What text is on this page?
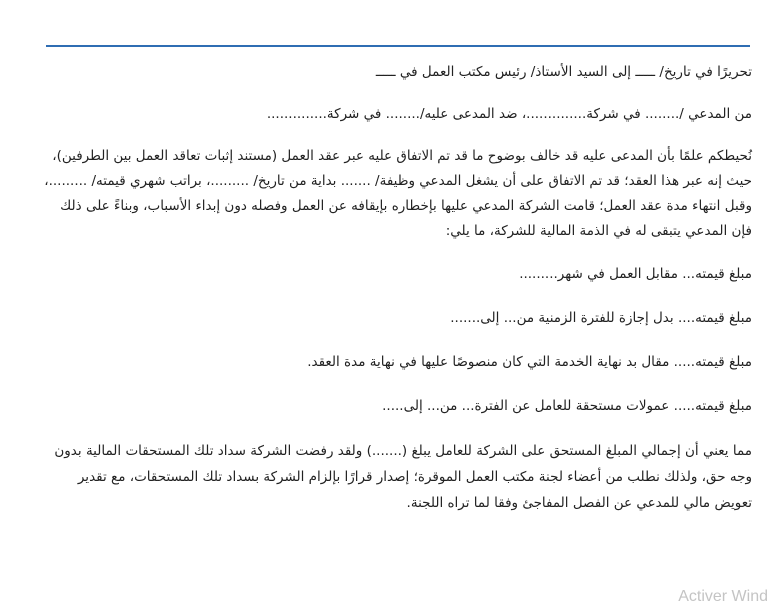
تحريرًا في تاريخ/ ـــــ إلى السيد الأستاذ/ رئيس مكتب العمل في ـــــ

من المدعي /........ في شركة..............، ضد المدعى عليه/........ في شركة..............

نُحيطكم علمًا بأن المدعى عليه قد خالف بوضوح ما قد تم الاتفاق عليه عبر عقد العمل (مستند إثبات تعاقد العمل بين الطرفين)، حيث إنه عبر هذا العقد؛ قد تم الاتفاق على أن يشغل المدعي وظيفة/ ....... بداية من تاريخ/ .........، براتب شهري قيمته/ .........، وقبل انتهاء مدة عقد العمل؛ قامت الشركة المدعي عليها بإخطاره بإيقافه عن العمل وفصله دون إبداء الأسباب، وبناءً على ذلك فإن المدعي يتبقى له في الذمة المالية للشركة، ما يلي:

مبلغ قيمته... مقابل العمل في شهر.........

مبلغ قيمته.... بدل إجازة للفترة الزمنية من... إلى.......

مبلغ قيمته..... مقال بد نهاية الخدمة التي كان منصوصًا عليها في نهاية مدة العقد.

مبلغ قيمته..... عمولات مستحقة للعامل عن الفترة... من... إلى.....

مما يعني أن إجمالي المبلغ المستحق على الشركة للعامل يبلغ (.......) ولقد رفضت الشركة سداد تلك المستحقات المالية بدون وجه حق، ولذلك نطلب من أعضاء لجنة مكتب العمل الموقرة؛ إصدار قرارًا بإلزام الشركة بسداد تلك المستحقات، مع تقدير تعويض مالي للمدعي عن الفصل المفاجئ وفقا لما تراه اللجنة.

Activer Wind
